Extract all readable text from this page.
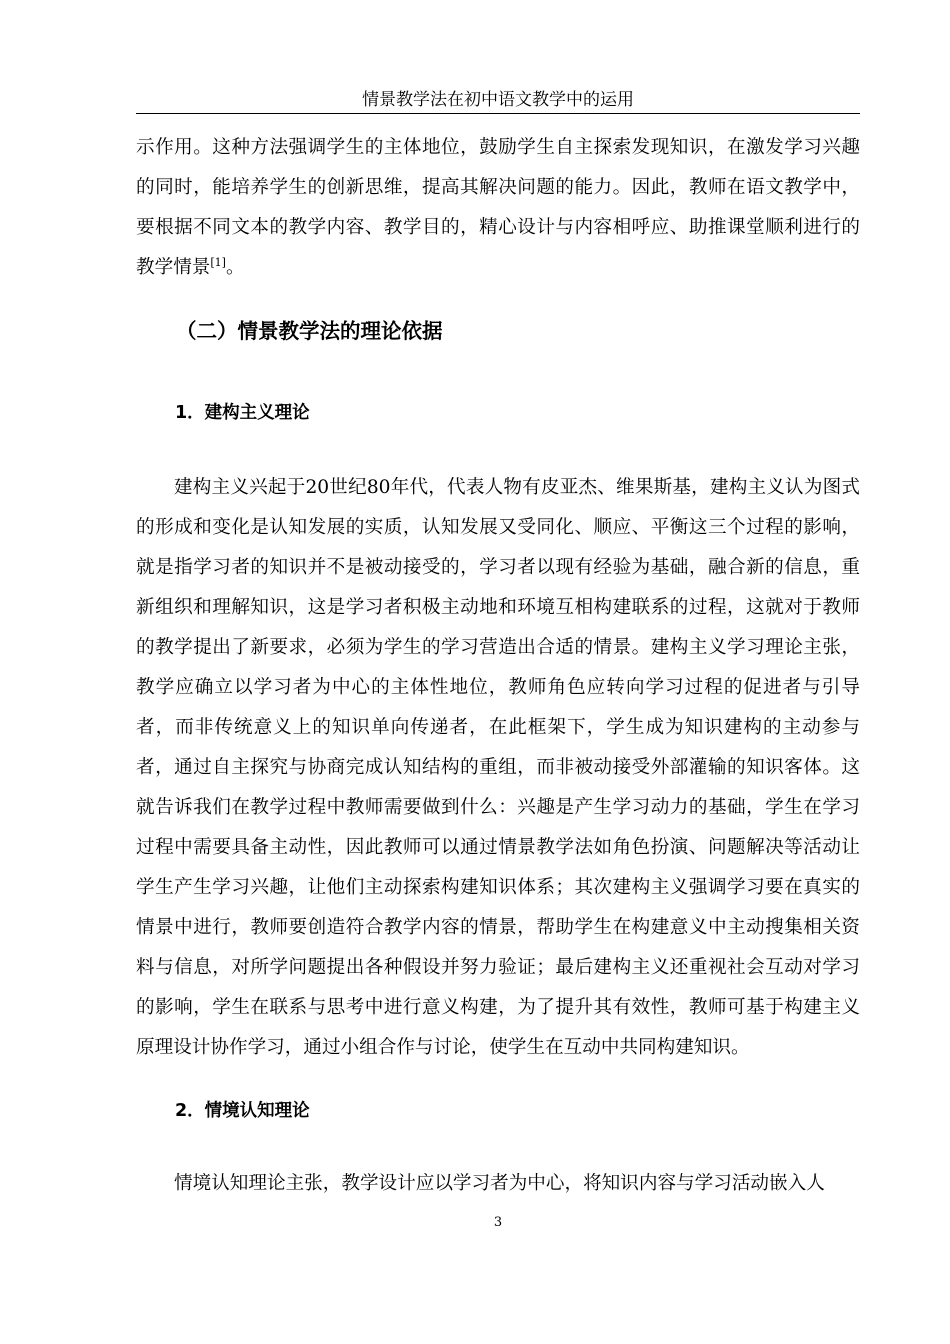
情景教学法在初中语文教学中的运用

示作用。这种方法强调学生的主体地位，鼓励学生自主探索发现知识，在激发学习兴趣的同时，能培养学生的创新思维，提高其解决问题的能力。因此，教师在语文教学中，要根据不同文本的教学内容、教学目的，精心设计与内容相呼应、助推课堂顺利进行的教学情景[1]。

（二）情景教学法的理论依据
1．建构主义理论

建构主义兴起于20世纪80年代，代表人物有皮亚杰、维果斯基，建构主义认为图式的形成和变化是认知发展的实质，认知发展又受同化、顺应、平衡这三个过程的影响，就是指学习者的知识并不是被动接受的，学习者以现有经验为基础，融合新的信息，重新组织和理解知识，这是学习者积极主动地和环境互相构建联系的过程，这就对于教师的教学提出了新要求，必须为学生的学习营造出合适的情景。建构主义学习理论主张，教学应确立以学习者为中心的主体性地位，教师角色应转向学习过程的促进者与引导者，而非传统意义上的知识单向传递者，在此框架下，学生成为知识建构的主动参与者，通过自主探究与协商完成认知结构的重组，而非被动接受外部灌输的知识客体。这就告诉我们在教学过程中教师需要做到什么：兴趣是产生学习动力的基础，学生在学习过程中需要具备主动性，因此教师可以通过情景教学法如角色扮演、问题解决等活动让学生产生学习兴趣，让他们主动探索构建知识体系；其次建构主义强调学习要在真实的情景中进行，教师要创造符合教学内容的情景，帮助学生在构建意义中主动搜集相关资料与信息，对所学问题提出各种假设并努力验证；最后建构主义还重视社会互动对学习的影响，学生在联系与思考中进行意义构建，为了提升其有效性，教师可基于构建主义原理设计协作学习，通过小组合作与讨论，使学生在互动中共同构建知识。

2．情境认知理论

情境认知理论主张，教学设计应以学习者为中心，将知识内容与学习活动嵌入人

3
